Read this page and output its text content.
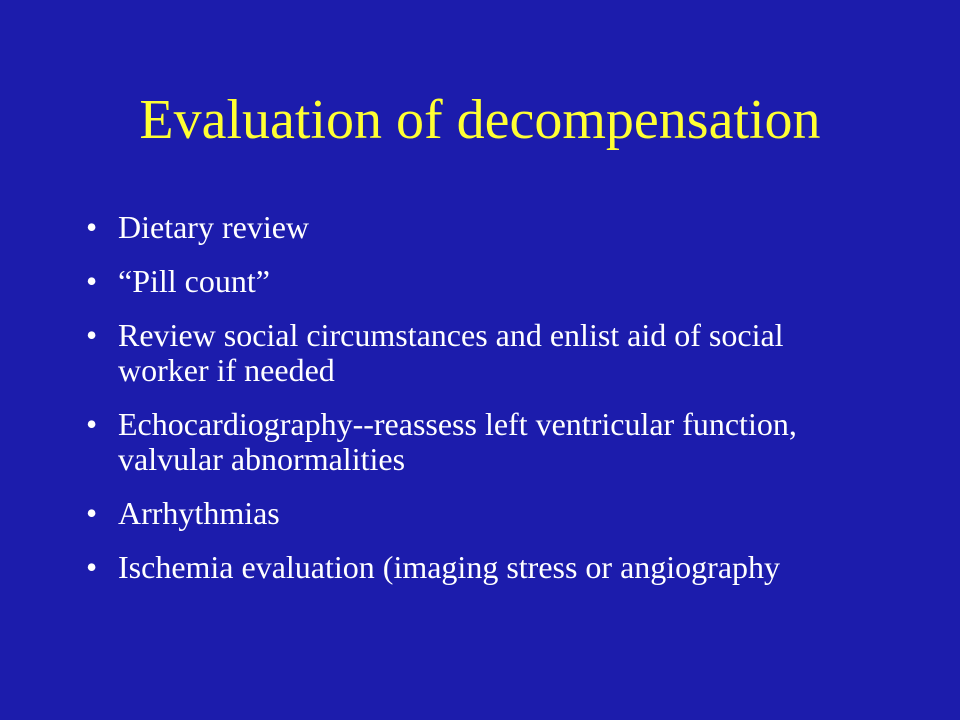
Evaluation of decompensation
• Dietary review
• “Pill count”
• Review social circumstances and enlist aid of social worker if needed
• Echocardiography--reassess left ventricular function, valvular abnormalities
• Arrhythmias
• Ischemia evaluation (imaging stress or angiography
